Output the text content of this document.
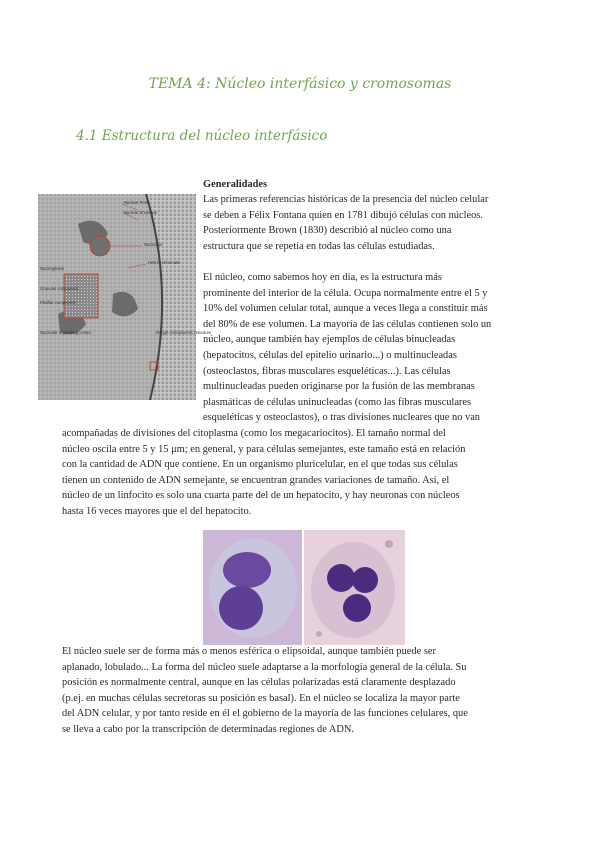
TEMA 4: Núcleo interfásico y cromosomas
4.1 Estructura del núcleo interfásico
Nuclear Pore
Nuclear Envelope
Nucleolus
Hetero-chromatin
Nucleoplasm
Granular component
Fibrillar component
Nucleolar organizing center	Rough endoplasmic reticulum
Generalidades
Las primeras referencias históricas de la presencia del núcleo celular
se deben a Félix Fontana quien en 1781 dibujó células con núcleos.
Posteriormente Brown (1830) describió al núcleo como una
estructura que se repetía en todas las células estudiadas.
El núcleo, como sabemos hoy en día, es la estructura más
prominente del interior de la célula. Ocupa normalmente entre el 5 y
10% del volumen celular total, aunque a veces llega a constituir más
del 80% de ese volumen. La mayoría de las células contienen solo un
núcleo, aunque también hay ejemplos de células binucleadas
(hepatocitos, células del epitelio urinario...) o multinucleadas
(osteoclastos, fibras musculares esqueléticas...). Las células
multinucleadas pueden originarse por la fusión de las membranas
plasmáticas de células uninucleadas (como las fibras musculares
esqueléticas y osteoclastos), o tras divisiones nucleares que no van
acompañadas de divisiones del citoplasma (como los megacariocitos). El tamaño normal del
núcleo oscila entre 5 y 15 μm; en general, y para células semejantes, este tamaño está en relación
con la cantidad de ADN que contiene. En un organismo pluricelular, en el que todas sus células
tienen un contenido de ADN semejante, se encuentran grandes variaciones de tamaño. Así, el
núcleo de un linfocito es solo una cuarta parte del de un hepatocito, y hay neuronas con núcleos
hasta 16 veces mayores que el del hepatocito.
El núcleo suele ser de forma más o menos esférica o elipsoidal, aunque también puede ser
aplanado, lobulado... La forma del núcleo suele adaptarse a la morfología general de la célula. Su
posición es normalmente central, aunque en las células polarizadas está claramente desplazado
(p.ej. en muchas células secretoras su posición es basal). En el núcleo se localiza la mayor parte
del ADN celular, y por tanto reside en él el gobierno de la mayoría de las funciones celulares, que
se lleva a cabo por la transcripción de determinadas regiones de ADN.
